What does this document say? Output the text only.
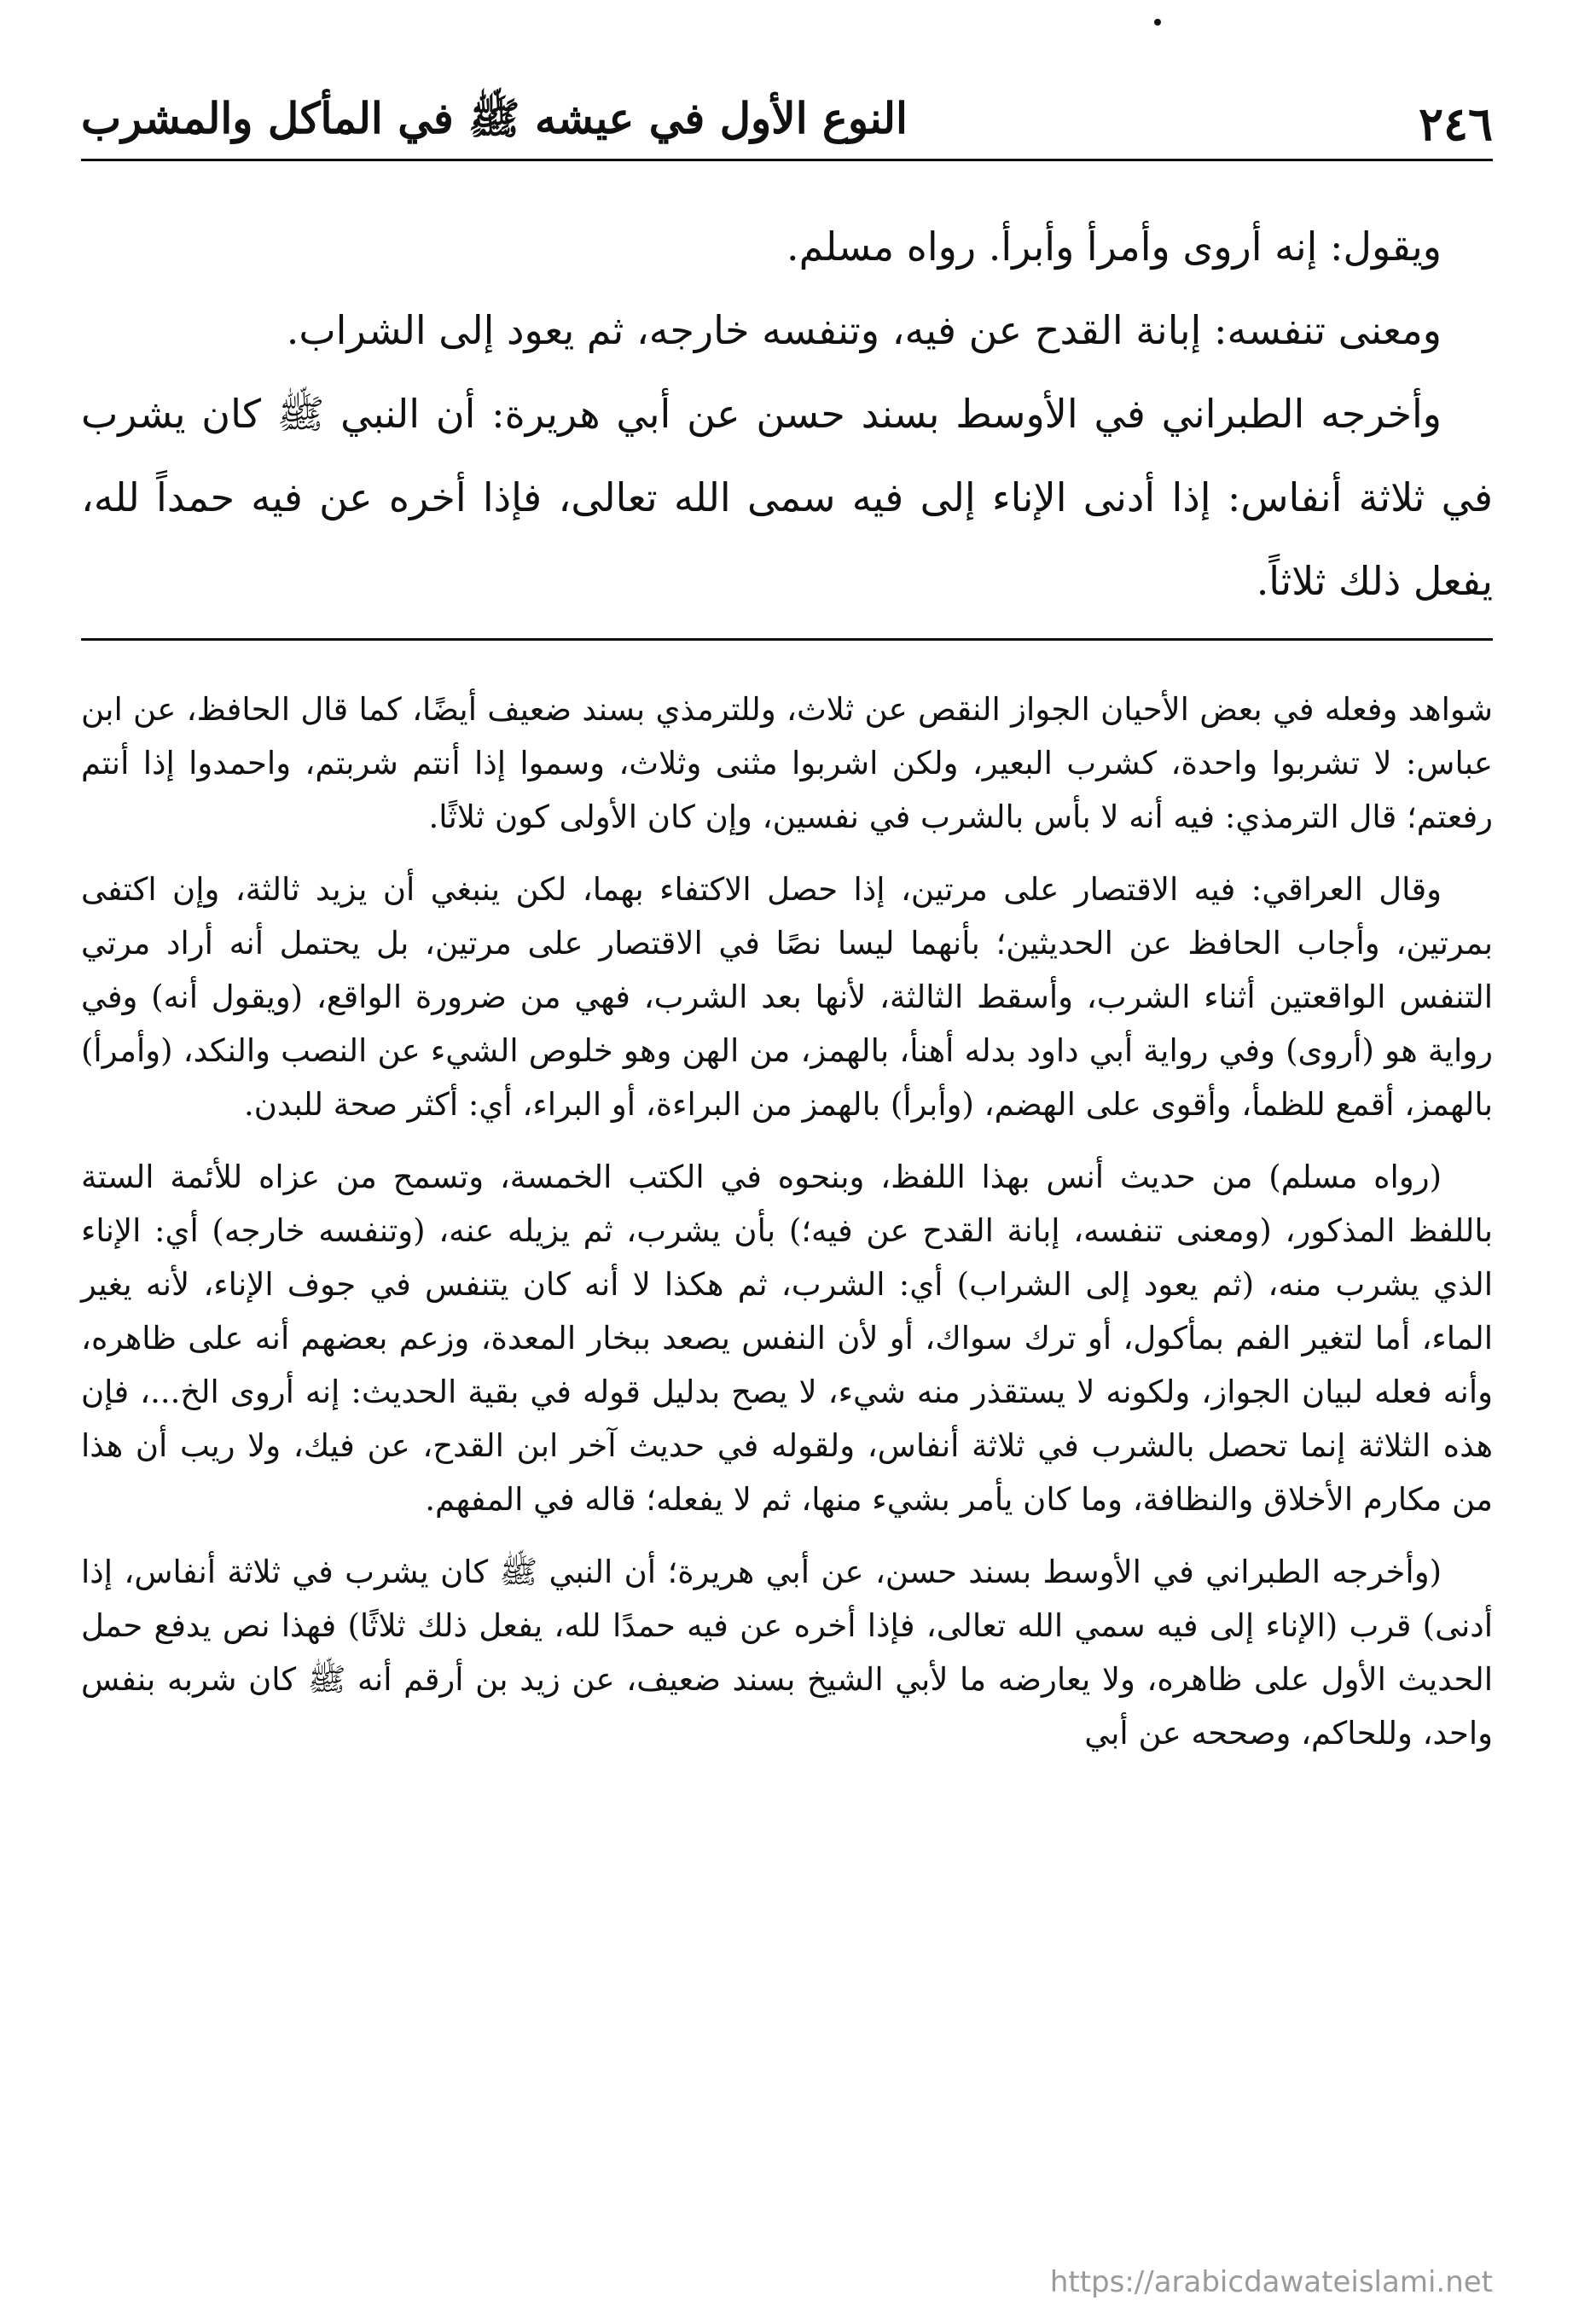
٢٤٦
النوع الأول في عيشه ﷺ في المأكل والمشرب

ويقول: إنه أروى وأمرأ وأبرأ. رواه مسلم.

ومعنى تنفسه: إبانة القدح عن فيه، وتنفسه خارجه، ثم يعود إلى الشراب.

وأخرجه الطبراني في الأوسط بسند حسن عن أبي هريرة: أن النبي ﷺ كان يشرب في ثلاثة أنفاس: إذا أدنى الإناء إلى فيه سمى الله تعالى، فإذا أخره عن فيه حمداً لله، يفعل ذلك ثلاثاً.

شواهد وفعله في بعض الأحيان الجواز النقص عن ثلاث، وللترمذي بسند ضعيف أيضًا، كما قال الحافظ، عن ابن عباس: لا تشربوا واحدة، كشرب البعير، ولكن اشربوا مثنى وثلاث، وسموا إذا أنتم شربتم، واحمدوا إذا أنتم رفعتم؛ قال الترمذي: فيه أنه لا بأس بالشرب في نفسين، وإن كان الأولى كون ثلاثًا.

وقال العراقي: فيه الاقتصار على مرتين، إذا حصل الاكتفاء بهما، لكن ينبغي أن يزيد ثالثة، وإن اكتفى بمرتين، وأجاب الحافظ عن الحديثين؛ بأنهما ليسا نصًا في الاقتصار على مرتين، بل يحتمل أنه أراد مرتي التنفس الواقعتين أثناء الشرب، وأسقط الثالثة، لأنها بعد الشرب، فهي من ضرورة الواقع، (ويقول أنه) وفي رواية هو (أروى) وفي رواية أبي داود بدله أهنأ، بالهمز، من الهن وهو خلوص الشيء عن النصب والنكد، (وأمرأ) بالهمز، أقمع للظمأ، وأقوى على الهضم، (وأبرأ) بالهمز من البراءة، أو البراء، أي: أكثر صحة للبدن.

(رواه مسلم) من حديث أنس بهذا اللفظ، وبنحوه في الكتب الخمسة، وتسمح من عزاه للأئمة الستة باللفظ المذكور، (ومعنى تنفسه، إبانة القدح عن فيه؛) بأن يشرب، ثم يزيله عنه، (وتنفسه خارجه) أي: الإناء الذي يشرب منه، (ثم يعود إلى الشراب) أي: الشرب، ثم هكذا لا أنه كان يتنفس في جوف الإناء، لأنه يغير الماء، أما لتغير الفم بمأكول، أو ترك سواك، أو لأن النفس يصعد ببخار المعدة، وزعم بعضهم أنه على ظاهره، وأنه فعله لبيان الجواز، ولكونه لا يستقذر منه شيء، لا يصح بدليل قوله في بقية الحديث: إنه أروى الخ...، فإن هذه الثلاثة إنما تحصل بالشرب في ثلاثة أنفاس، ولقوله في حديث آخر ابن القدح، عن فيك، ولا ريب أن هذا من مكارم الأخلاق والنظافة، وما كان يأمر بشيء منها، ثم لا يفعله؛ قاله في المفهم.

(وأخرجه الطبراني في الأوسط بسند حسن، عن أبي هريرة؛ أن النبي ﷺ كان يشرب في ثلاثة أنفاس، إذا أدنى) قرب (الإناء إلى فيه سمي الله تعالى، فإذا أخره عن فيه حمدًا لله، يفعل ذلك ثلاثًا) فهذا نص يدفع حمل الحديث الأول على ظاهره، ولا يعارضه ما لأبي الشيخ بسند ضعيف، عن زيد بن أرقم أنه ﷺ كان شربه بنفس واحد، وللحاكم، وصححه عن أبي

https://arabicdawateislami.net
